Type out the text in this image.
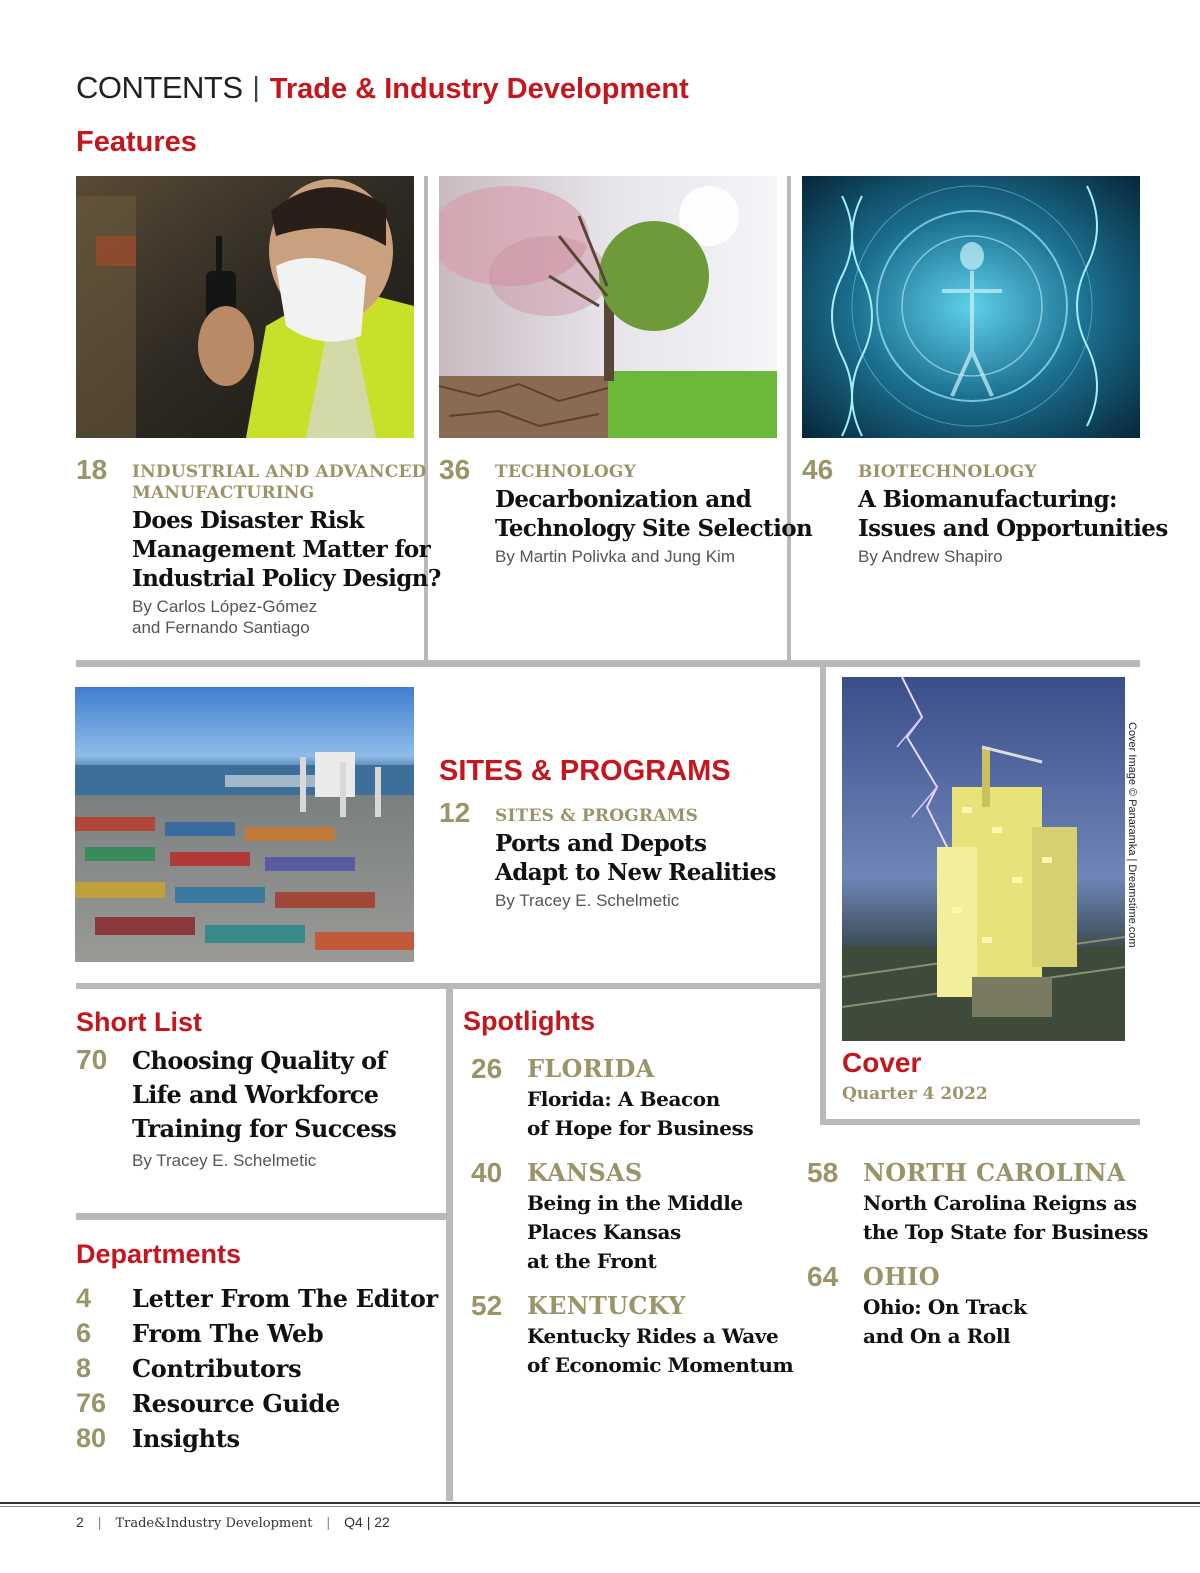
CONTENTS | Trade & Industry Development
Features
18 INDUSTRIAL AND ADVANCED
MANUFACTURING
Does Disaster Risk
Management Matter for
Industrial Policy Design?
By Carlos López-Gómez
and Fernando Santiago
36 TECHNOLOGY
Decarbonization and
Technology Site Selection
By Martin Polivka and Jung Kim
46 BIOTECHNOLOGY
A Biomanufacturing:
Issues and Opportunities
By Andrew Shapiro
Cover Image © Panaramka | Dreamstime.com
Cover
Quarter 4 2022
SITES & PROGRAMS
12 SITES & PROGRAMS
Ports and Depots
Adapt to New Realities
By Tracey E. Schelmetic
Short List
70 Choosing Quality of
Life and Workforce
Training for Success
By Tracey E. Schelmetic
Departments
4 Letter From The Editor
6 From The Web
8 Contributors
76 Resource Guide
80 Insights
Spotlights
26 FLORIDA
Florida: A Beacon
of Hope for Business
40 KANSAS
Being in the Middle
Places Kansas
at the Front
52 KENTUCKY
Kentucky Rides a Wave
of Economic Momentum
58 NORTH CAROLINA
North Carolina Reigns as
the Top State for Business
64 OHIO
Ohio: On Track
and On a Roll
2 | Trade&Industry Development | Q4 | 22
